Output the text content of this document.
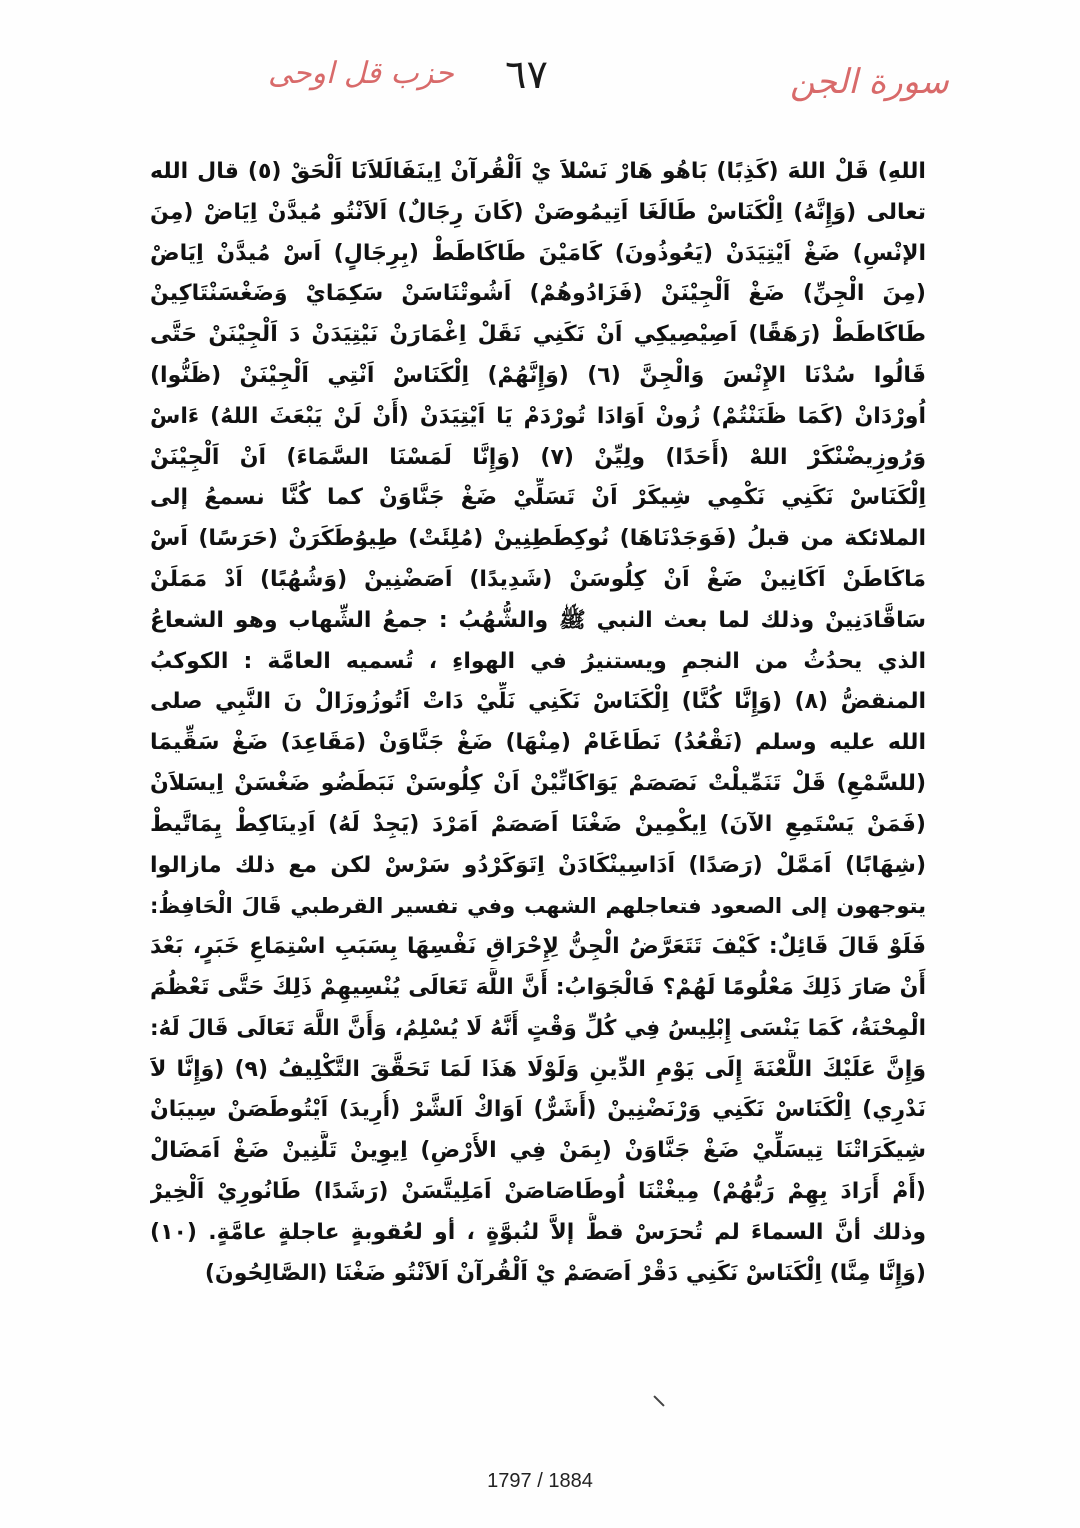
حزب قل اوحى ٦٧	سورة الجن
اللهِ) قَلْ اللهَ (كَذِبًا) بَاهُو هَارْ نَسْلاَ يْ اَلْقُرآنْ اِينَفَالَلاَنَا اَلْحَقْ (٥) قال الله
تعالى (وَإِنَّهُ) اِلْكَنَاسْ طَالَغَا اَتِيمُوصَنْ (كَانَ رِجَالٌ) اَلاَنْتُو مُيدَّنْ اِيَاضْ (مِنَ
الإنْسِ) ضَغْ اَيْتِيَدَنْ (يَعُوذُونَ) كَامَيْنَ طَاكَاطَطْ (بِرِجَالٍ) اَسْ مُيدَّنْ اِيَاضْ
(مِنَ الْجِنِّ) ضَغْ اَلْجِيْنَنْ (فَزَادُوهُمْ) اَشُوتْنَاسَنْ سَكِمَايْ وَضَغْسَنْتَاكِينْ
طَاكَاطَطْ (رَهَقًا) اَصِيْصِيكِي اَنْ نَكَنِي نَقَلْ اِغْمَارَنْ نَيْتِيَدَنْ دَ اَلْجِيْنَنْ حَتَّى
قَالُوا سُدْنَا الإِنْسَ وَالْجِنَّ (٦) (وَإِنَّهُمْ) اِلْكَنَاسْ اَنْتِي اَلْجِيْنَنْ (ظَنُّوا)
اُورْدَانْ (كَمَا ظَنَنْتُمْ) زُونْ اَوَادَا تُورْدَمْ يَا اَيْتِيَدَنْ (أَنْ لَنْ يَبْعَثَ اللهُ) ءَاسْ
وَرُوزِيضْنْكَرْ اللهْ (أَحَدًا) ولِيِّنْ (٧) (وَإِنَّا لَمَسْنَا السَّمَاءَ) اَنْ اَلْجِيْنَنْ
اِلْكَنَاسْ نَكَنِي نَكْمِي شِيكَرْ اَنْ تَسَلِّيْ ضَغْ جَنَّاوَنْ كما كُنَّا نسمعُ إلى
الملائكة من قبلُ (فَوَجَدْنَاهَا) نُوكِطَطِنِينْ (مُلِئَتْ) طِيوُطَكَرَنْ (حَرَسًا) اَسْ
مَاكَاطَنْ اَكَانِينْ ضَغْ اَنْ كِلُوسَنْ (شَدِيدًا) اَصَضْنِينْ (وَشُهُبًا) اَدْ مَمَلَنْ
سَاقَّادَنِينْ وذلك لما بعث النبي ﷺ والشُّهُبُ : جمعُ الشِّهاب وهو الشعاعُ
الذي يحدُثُ من النجمِ ويستنيرُ في الهواءِ ، تُسميه العامَّة : الكوكبُ
المنقضُّ (٨) (وَإِنَّا كُنَّا) اِلْكَنَاسْ نَكَنِي نَلِّيْ دَاتْ اَتُوزُوزَالْ نَ النَّبِي صلى
الله عليه وسلم (نَقْعُدُ) نَطَاغَامْ (مِنْهَا) ضَغْ جَنَّاوَنْ (مَقَاعِدَ) ضَغْ سَقِّيمَا
(للسَّمْعِ) قَلْ تَنَمِّيلْتْ نَصَصَمْ يَوَاكَانِّيْنْ اَنْ كِلُوسَنْ نَبَطَضُو ضَغْسَنْ اِيسَلاَنْ
(فَمَنْ يَسْتَمِعِ الآنَ) اِيكْمِينْ ضَغْنَا اَصَصَمْ اَمَرْدَ (يَجِدْ لَهُ) اَدِينَاكِطْ يِمَاتَّيطْ
(شِهَابًا) اَمَمَّلْ (رَصَدًا) اَدَاسِينْكَادَنْ اِتَوَكَرْدُو سَرْسْ لكن مع ذلك مازالوا
يتوجهون إلى الصعود فتعاجلهم الشهب وفي تفسير القرطبي قَالَ الْحَافِظُ:
فَلَوْ قَالَ قَائِلٌ: كَيْفَ تَتَعَرَّضُ الْجِنُّ لِإِحْرَاقِ نَفْسِهَا بِسَبَبِ اسْتِمَاعِ خَبَرٍ، بَعْدَ
أَنْ صَارَ ذَلِكَ مَعْلُومًا لَهُمْ؟ فَالْجَوَابُ: أَنَّ اللَّهَ تَعَالَى يُنْسِيهِمْ ذَلِكَ حَتَّى تَعْظُمَ
الْمِحْنَةُ، كَمَا يَنْسَى إِبْلِيسُ فِي كُلِّ وَقْتٍ أَنَّهُ لَا يُسْلِمُ، وَأَنَّ اللَّهَ تَعَالَى قَالَ لَهُ:
وَإِنَّ عَلَيْكَ اللَّعْنَةَ إِلَى يَوْمِ الدِّينِ وَلَوْلَا هَذَا لَمَا تَحَقَّقَ التَّكْلِيفُ (٩) (وَإِنَّا لاَ
نَدْرِي) اِلْكَنَاسْ نَكَنِي وَرْنَضْنِينْ (أَشَرٌّ) اَوَاكْ اَلشَّرْ (أُرِيدَ) اَيْتُوطَصَنْ سِيبَانْ
شِيكَرَاتْنَا تِيسَلِّيْ ضَغْ جَنَّاوَنْ (بِمَنْ فِي الأَرْضِ) اِيوِينْ تَلَّنِينْ ضَغْ اَمَضَالْ
(أَمْ أَرَادَ بِهِمْ رَبُّهُمْ) مِيغْتْنَا اُوطَاصَاصَنْ اَمَلِيتَّسَنْ (رَشَدًا) طَانُورِيْ اَلْخِيرْ
وذلك أنَّ السماءَ لم تُحرَسْ قطُّ إلاَّ لنُبوَّةٍ ، أو لعُقوبةٍ عاجلةٍ عامَّةٍ. (١٠)
(وَإِنَّا مِنَّا) اِلْكَنَاسْ نَكَنِي دَقْرْ اَصَصَمْ يْ اَلْقُرآنْ اَلاَنْتُو ضَغْنَا (الصَّالِحُونَ)
1797 / 1884
